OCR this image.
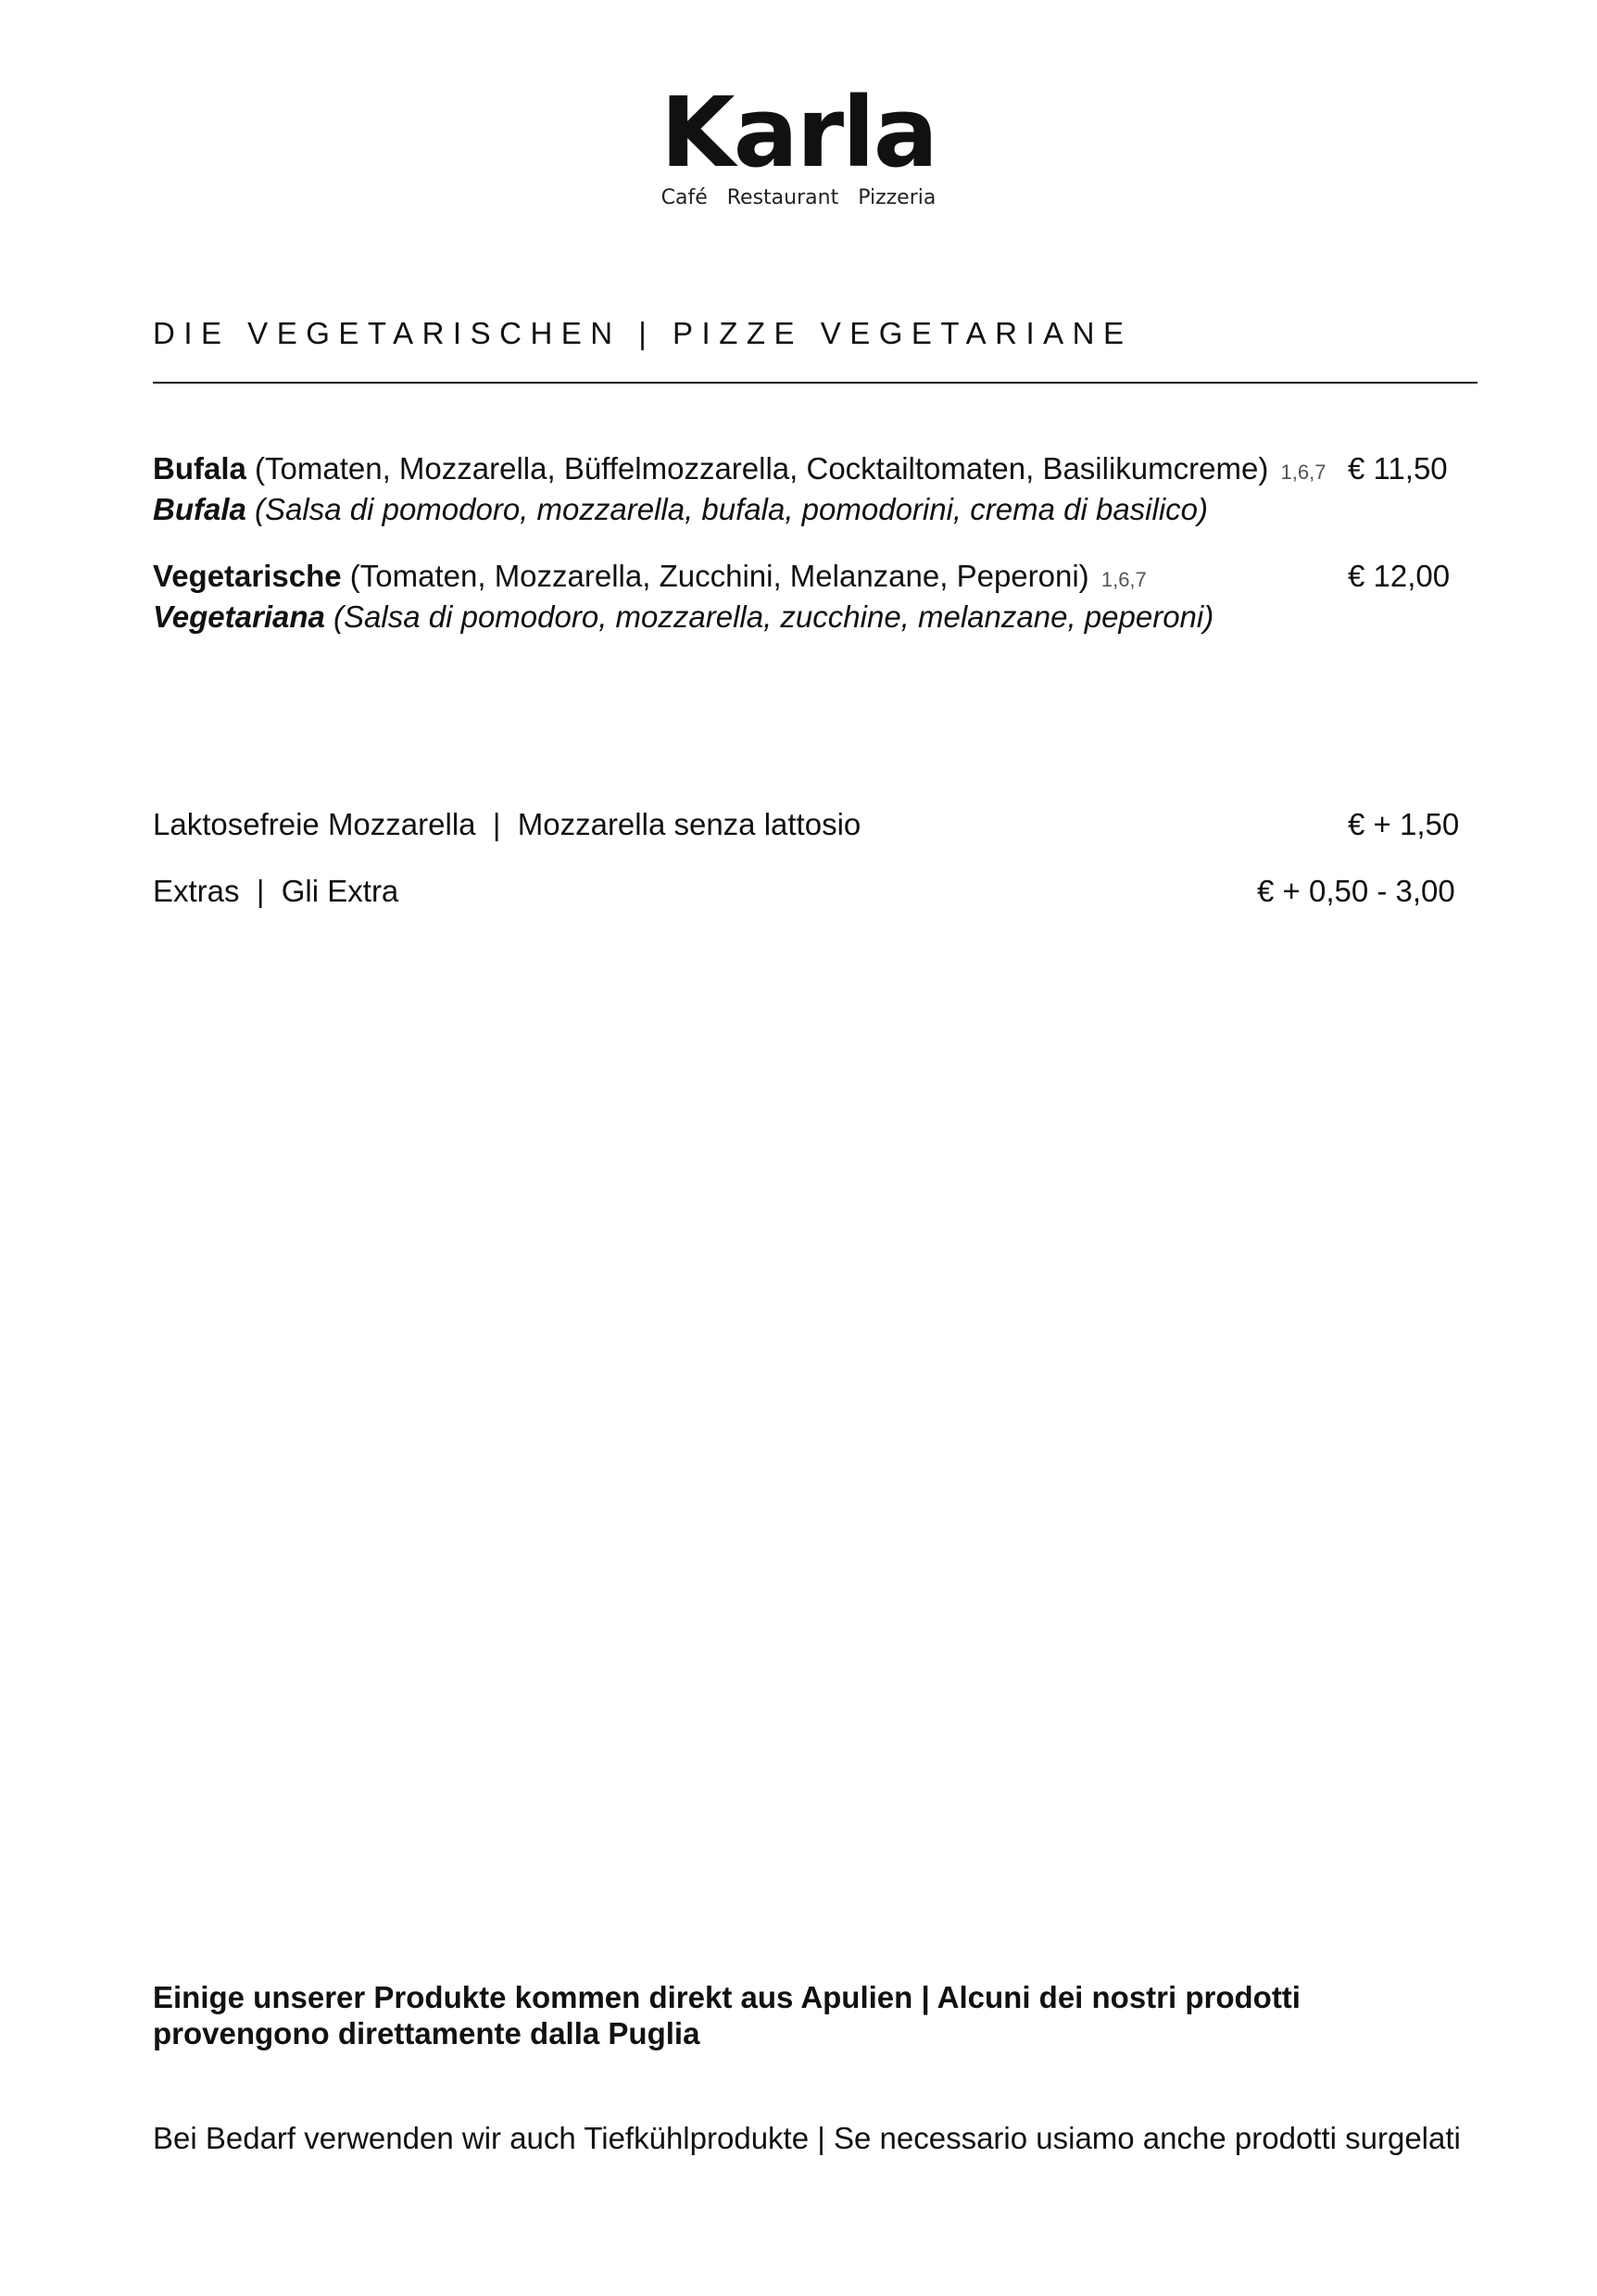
Karla
Café Restaurant Pizzeria
DIE VEGETARISCHEN | PIZZE VEGETARIANE
Bufala (Tomaten, Mozzarella, Büffelmozzarella, Cocktailtomaten, Basilikumcreme) 1,6,7 € 11,50
Bufala (Salsa di pomodoro, mozzarella, bufala, pomodorini, crema di basilico)
Vegetarische (Tomaten, Mozzarella, Zucchini, Melanzane, Peperoni) 1,6,7	€ 12,00
Vegetariana (Salsa di pomodoro, mozzarella, zucchine, melanzane, peperoni)
Laktosefreie Mozzarella  |  Mozzarella senza lattosio	€ + 1,50
Extras  |  Gli Extra	€ + 0,50 - 3,00

Einige unserer Produkte kommen direkt aus Apulien | Alcuni dei nostri prodotti provengono direttamente dalla Puglia

Bei Bedarf verwenden wir auch Tiefkühlprodukte | Se necessario usiamo anche prodotti surgelati
